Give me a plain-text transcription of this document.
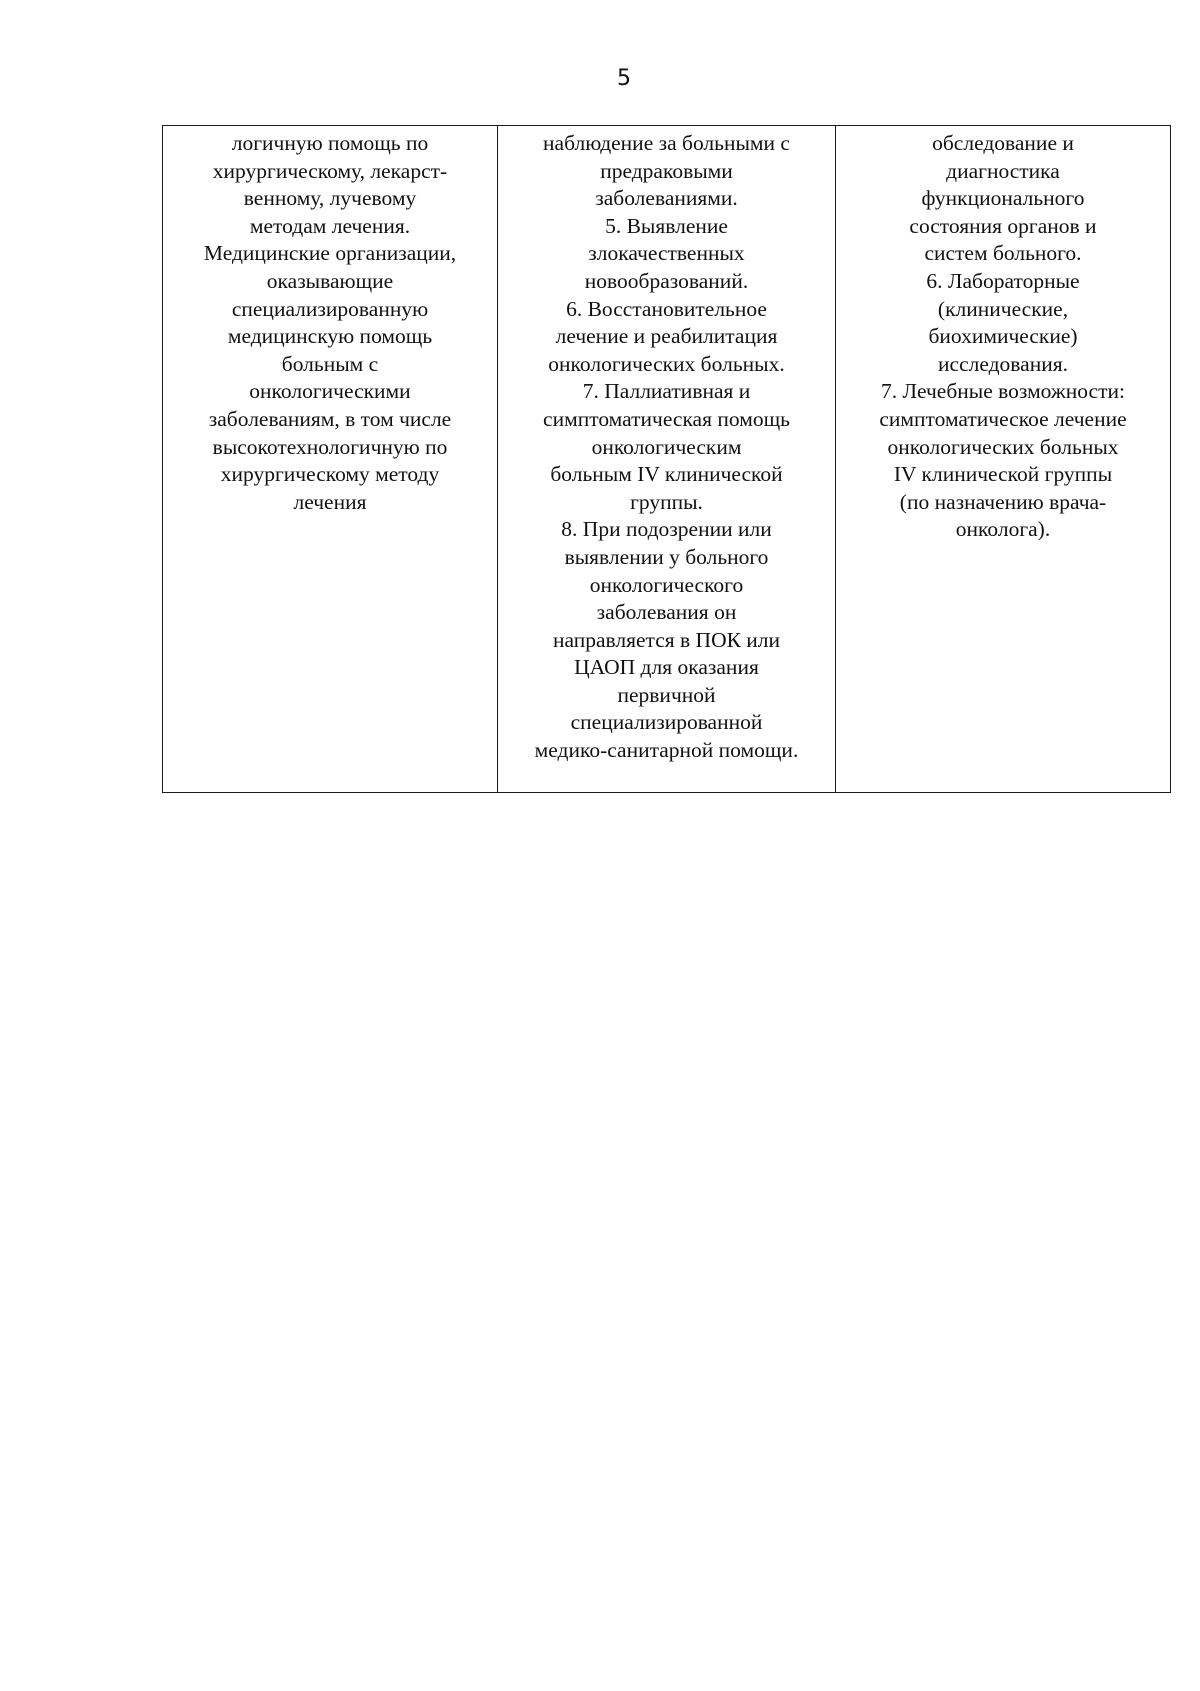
5
логичную помощь по
хирургическому, лекарст-
венному, лучевому
методам лечения.
Медицинские организации,
оказывающие
специализированную
медицинскую помощь
больным с
онкологическими
заболеваниям, в том числе
высокотехнологичную по
хирургическому методу
лечения

наблюдение за больными с
предраковыми
заболеваниями.
5. Выявление
злокачественных
новообразований.
6. Восстановительное
лечение и реабилитация
онкологических больных.
7. Паллиативная и
симптоматическая помощь
онкологическим
больным IV клинической
группы.
8. При подозрении или
выявлении у больного
онкологического
заболевания он
направляется в ПОК или
ЦАОП для оказания
первичной
специализированной
медико-санитарной помощи.

обследование и
диагностика
функционального
состояния органов и
систем больного.
6. Лабораторные
(клинические,
биохимические)
исследования.
7. Лечебные возможности:
симптоматическое лечение
онкологических больных
IV клинической группы
(по назначению врача-
онколога).
